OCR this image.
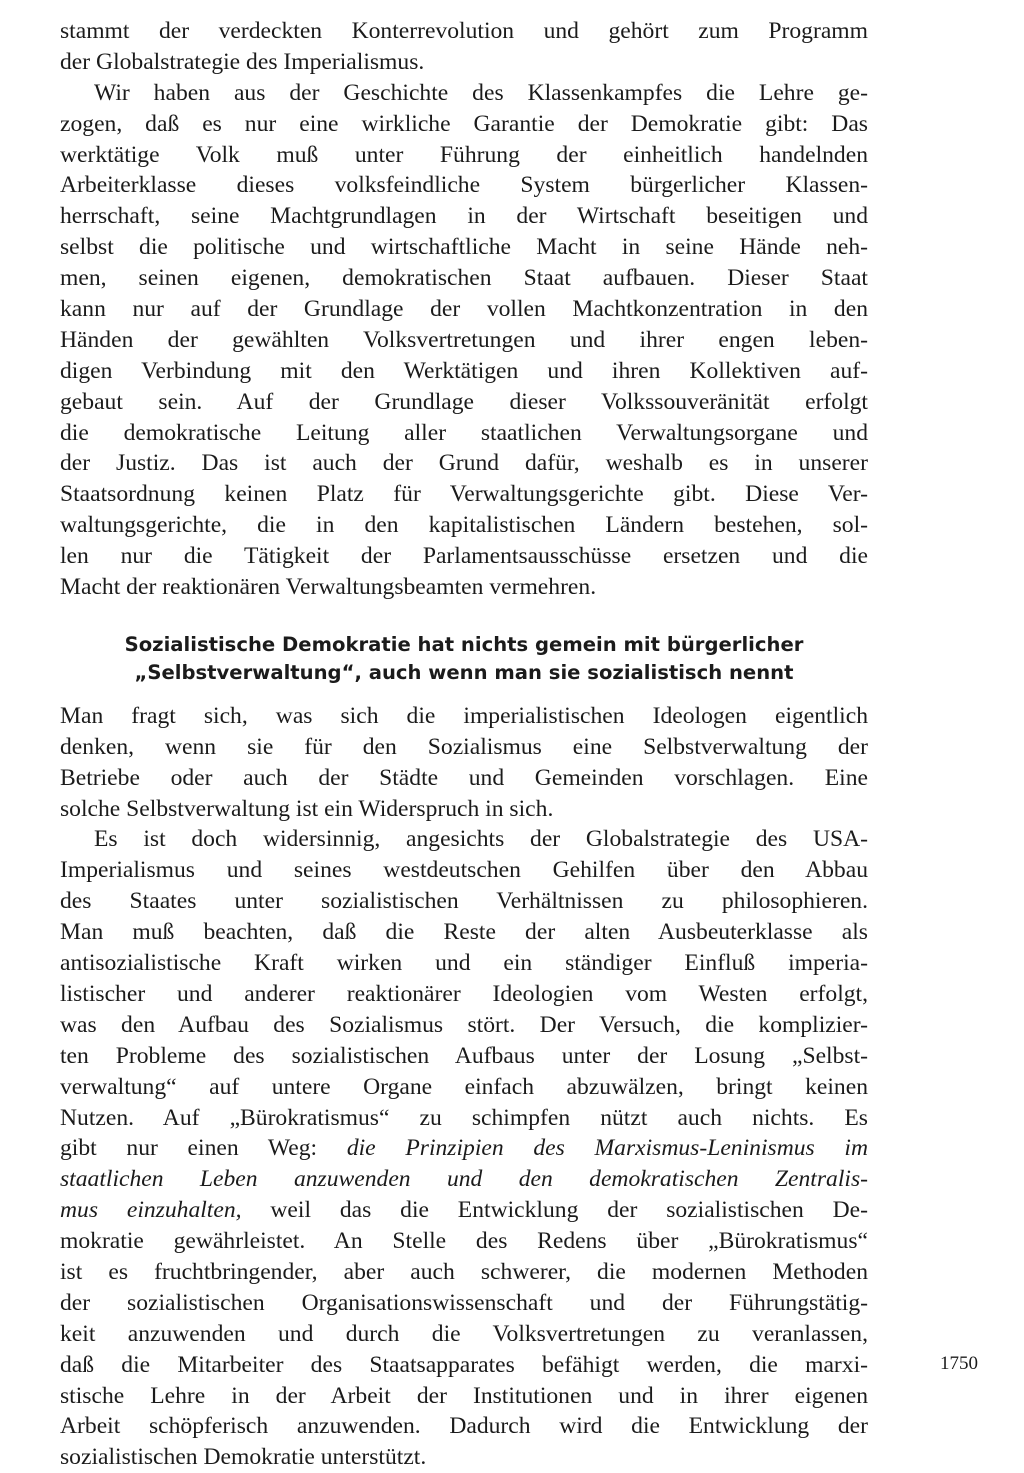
stammt der verdeckten Konterrevolution und gehört zum Programm
der Globalstrategie des Imperialismus.
Wir haben aus der Geschichte des Klassenkampfes die Lehre ge-
zogen, daß es nur eine wirkliche Garantie der Demokratie gibt: Das
werktätige Volk muß unter Führung der einheitlich handelnden
Arbeiterklasse dieses volksfeindliche System bürgerlicher Klassen-
herrschaft, seine Machtgrundlagen in der Wirtschaft beseitigen und
selbst die politische und wirtschaftliche Macht in seine Hände neh-
men, seinen eigenen, demokratischen Staat aufbauen. Dieser Staat
kann nur auf der Grundlage der vollen Machtkonzentration in den
Händen der gewählten Volksvertretungen und ihrer engen leben-
digen Verbindung mit den Werktätigen und ihren Kollektiven auf-
gebaut sein. Auf der Grundlage dieser Volkssouveränität erfolgt
die demokratische Leitung aller staatlichen Verwaltungsorgane und
der Justiz. Das ist auch der Grund dafür, weshalb es in unserer
Staatsordnung keinen Platz für Verwaltungsgerichte gibt. Diese Ver-
waltungsgerichte, die in den kapitalistischen Ländern bestehen, sol-
len nur die Tätigkeit der Parlamentsausschüsse ersetzen und die
Macht der reaktionären Verwaltungsbeamten vermehren.
Sozialistische Demokratie hat nichts gemein mit bürgerlicher
„Selbstverwaltung“, auch wenn man sie sozialistisch nennt
Man fragt sich, was sich die imperialistischen Ideologen eigentlich
denken, wenn sie für den Sozialismus eine Selbstverwaltung der
Betriebe oder auch der Städte und Gemeinden vorschlagen. Eine
solche Selbstverwaltung ist ein Widerspruch in sich.
Es ist doch widersinnig, angesichts der Globalstrategie des USA-
Imperialismus und seines westdeutschen Gehilfen über den Abbau
des Staates unter sozialistischen Verhältnissen zu philosophieren.
Man muß beachten, daß die Reste der alten Ausbeuterklasse als
antisozialistische Kraft wirken und ein ständiger Einfluß imperia-
listischer und anderer reaktionärer Ideologien vom Westen erfolgt,
was den Aufbau des Sozialismus stört. Der Versuch, die komplizier-
ten Probleme des sozialistischen Aufbaus unter der Losung „Selbst-
verwaltung“ auf untere Organe einfach abzuwälzen, bringt keinen
Nutzen. Auf „Bürokratismus“ zu schimpfen nützt auch nichts. Es
gibt nur einen Weg: die Prinzipien des Marxismus-Leninismus im
staatlichen Leben anzuwenden und den demokratischen Zentralis-
mus einzuhalten, weil das die Entwicklung der sozialistischen De-
mokratie gewährleistet. An Stelle des Redens über „Bürokratismus“
ist es fruchtbringender, aber auch schwerer, die modernen Methoden
der sozialistischen Organisationswissenschaft und der Führungstätig-
keit anzuwenden und durch die Volksvertretungen zu veranlassen,
daß die Mitarbeiter des Staatsapparates befähigt werden, die marxi-
stische Lehre in der Arbeit der Institutionen und in ihrer eigenen
Arbeit schöpferisch anzuwenden. Dadurch wird die Entwicklung der
sozialistischen Demokratie unterstützt.
1750
